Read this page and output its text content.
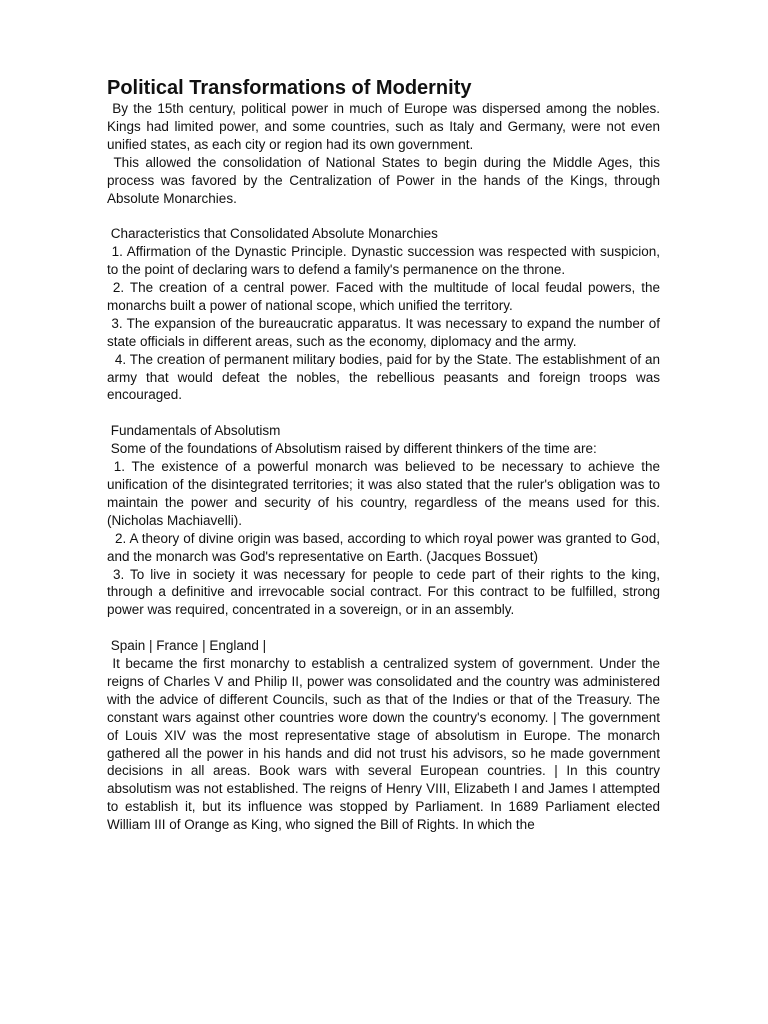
Political Transformations of Modernity

By the 15th century, political power in much of Europe was dispersed among the nobles. Kings had limited power, and some countries, such as Italy and Germany, were not even unified states, as each city or region had its own government.

This allowed the consolidation of National States to begin during the Middle Ages, this process was favored by the Centralization of Power in the hands of the Kings, through Absolute Monarchies.

Characteristics that Consolidated Absolute Monarchies

1. Affirmation of the Dynastic Principle. Dynastic succession was respected with suspicion, to the point of declaring wars to defend a family's permanence on the throne.

2. The creation of a central power. Faced with the multitude of local feudal powers, the monarchs built a power of national scope, which unified the territory.

3. The expansion of the bureaucratic apparatus. It was necessary to expand the number of state officials in different areas, such as the economy, diplomacy and the army.

4. The creation of permanent military bodies, paid for by the State. The establishment of an army that would defeat the nobles, the rebellious peasants and foreign troops was encouraged.

Fundamentals of Absolutism

Some of the foundations of Absolutism raised by different thinkers of the time are:

1. The existence of a powerful monarch was believed to be necessary to achieve the unification of the disintegrated territories; it was also stated that the ruler's obligation was to maintain the power and security of his country, regardless of the means used for this. (Nicholas Machiavelli).

2. A theory of divine origin was based, according to which royal power was granted to God, and the monarch was God's representative on Earth. (Jacques Bossuet)

3. To live in society it was necessary for people to cede part of their rights to the king, through a definitive and irrevocable social contract. For this contract to be fulfilled, strong power was required, concentrated in a sovereign, or in an assembly.

Spain | France | England |

It became the first monarchy to establish a centralized system of government. Under the reigns of Charles V and Philip II, power was consolidated and the country was administered with the advice of different Councils, such as that of the Indies or that of the Treasury. The constant wars against other countries wore down the country's economy. | The government of Louis XIV was the most representative stage of absolutism in Europe. The monarch gathered all the power in his hands and did not trust his advisors, so he made government decisions in all areas. Book wars with several European countries. | In this country absolutism was not established. The reigns of Henry VIII, Elizabeth I and James I attempted to establish it, but its influence was stopped by Parliament. In 1689 Parliament elected William III of Orange as King, who signed the Bill of Rights. In which the
